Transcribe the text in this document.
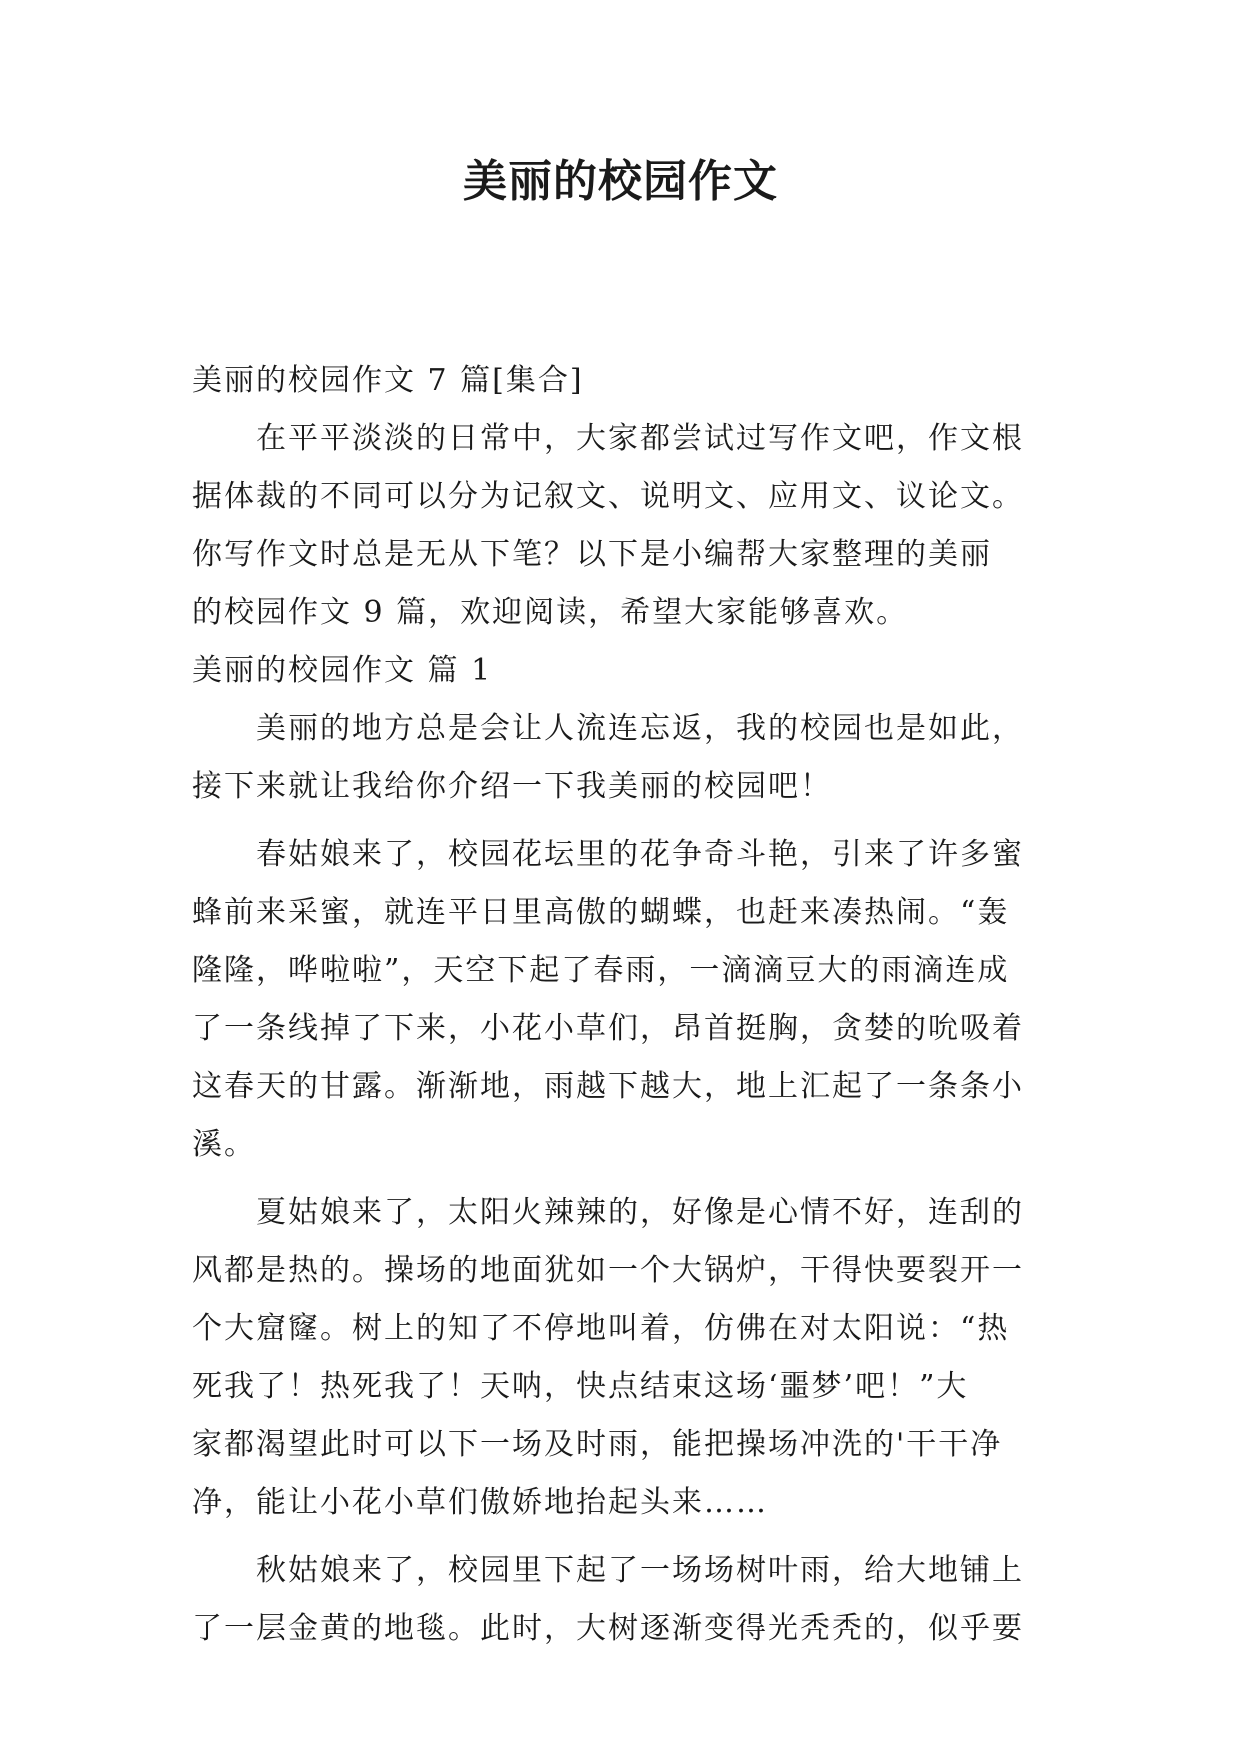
美丽的校园作文
美丽的校园作文 7 篇[集合]
　　在平平淡淡的日常中，大家都尝试过写作文吧，作文根
据体裁的不同可以分为记叙文、说明文、应用文、议论文。
你写作文时总是无从下笔？以下是小编帮大家整理的美丽
的校园作文 9 篇，欢迎阅读，希望大家能够喜欢。
美丽的校园作文 篇 1
　　美丽的地方总是会让人流连忘返，我的校园也是如此，
接下来就让我给你介绍一下我美丽的校园吧！
　　春姑娘来了，校园花坛里的花争奇斗艳，引来了许多蜜
蜂前来采蜜，就连平日里高傲的蝴蝶，也赶来凑热闹。“轰
隆隆，哗啦啦”，天空下起了春雨，一滴滴豆大的雨滴连成
了一条线掉了下来，小花小草们，昂首挺胸，贪婪的吮吸着
这春天的甘露。渐渐地，雨越下越大，地上汇起了一条条小
溪。
　　夏姑娘来了，太阳火辣辣的，好像是心情不好，连刮的
风都是热的。操场的地面犹如一个大锅炉，干得快要裂开一
个大窟窿。树上的知了不停地叫着，仿佛在对太阳说：“热
死我了！热死我了！天呐，快点结束这场‘噩梦’吧！”大
家都渴望此时可以下一场及时雨，能把操场冲洗的'干干净
净，能让小花小草们傲娇地抬起头来……
　　秋姑娘来了，校园里下起了一场场树叶雨，给大地铺上
了一层金黄的地毯。此时，大树逐渐变得光秃秃的，似乎要
